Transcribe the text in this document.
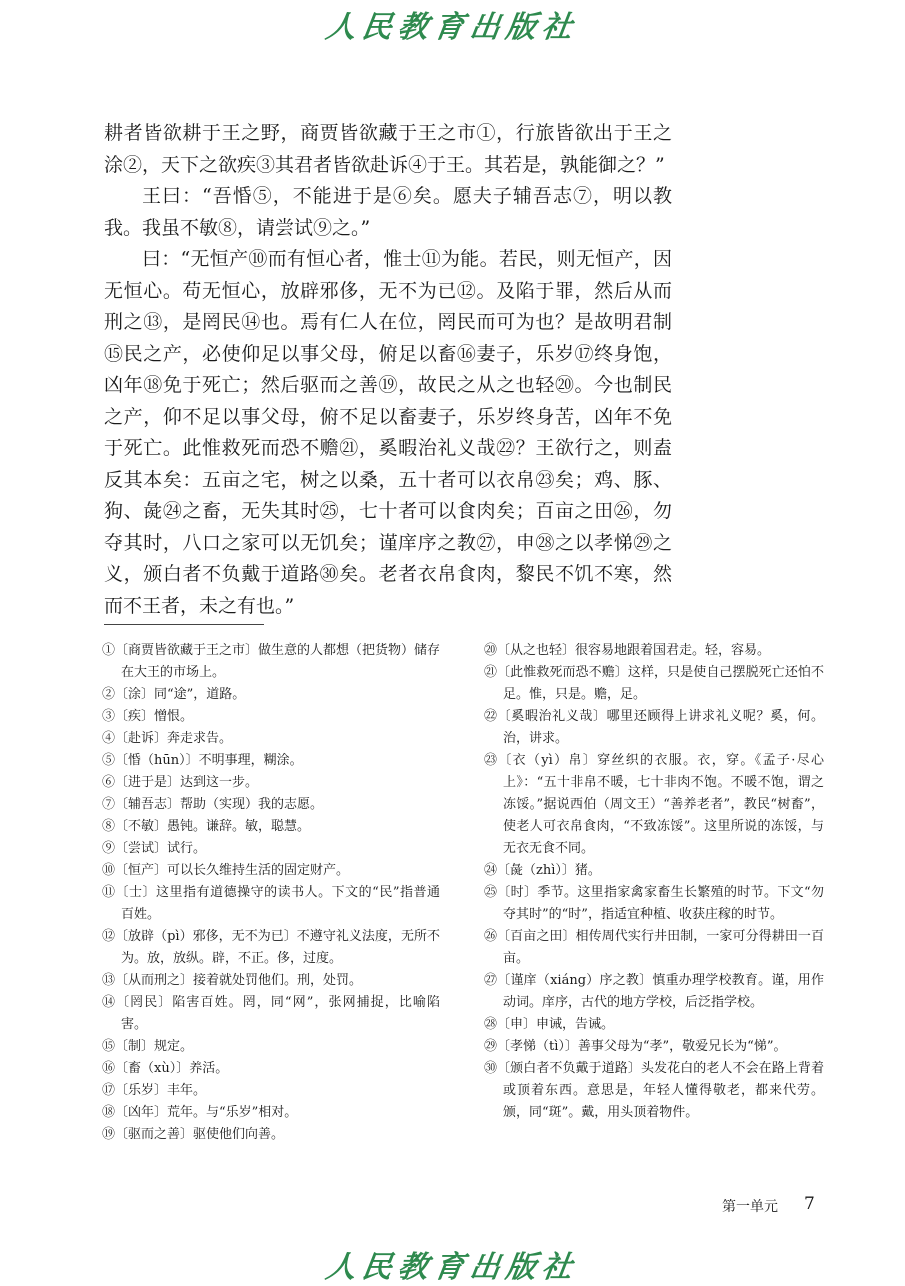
人民教育出版社

耕者皆欲耕于王之野，商贾皆欲藏于王之市①，行旅皆欲出于王之涂②，天下之欲疾③其君者皆欲赴诉④于王。其若是，孰能御之？”

王曰：“吾惛⑤，不能进于是⑥矣。愿夫子辅吾志⑦，明以教我。我虽不敏⑧，请尝试⑨之。”

曰：“无恒产⑩而有恒心者，惟士⑪为能。若民，则无恒产，因无恒心。苟无恒心，放辟邪侈，无不为已⑫。及陷于罪，然后从而刑之⑬，是罔民⑭也。焉有仁人在位，罔民而可为也？是故明君制⑮民之产，必使仰足以事父母，俯足以畜⑯妻子，乐岁⑰终身饱，凶年⑱免于死亡；然后驱而之善⑲，故民之从之也轻⑳。今也制民之产，仰不足以事父母，俯不足以畜妻子，乐岁终身苦，凶年不免于死亡。此惟救死而恐不赡㉑，奚暇治礼义哉㉒？王欲行之，则盍反其本矣：五亩之宅，树之以桑，五十者可以衣帛㉓矣；鸡、豚、狗、彘㉔之畜，无失其时㉕，七十者可以食肉矣；百亩之田㉖，勿夺其时，八口之家可以无饥矣；谨庠序之教㉗，申㉘之以孝悌㉙之义，颁白者不负戴于道路㉚矣。老者衣帛食肉，黎民不饥不寒，然而不王者，未之有也。”

①〔商贾皆欲藏于王之市〕做生意的人都想（把货物）储存在大王的市场上。
②〔涂〕同“途”，道路。
③〔疾〕憎恨。
④〔赴诉〕奔走求告。
⑤〔惛（hūn）〕不明事理，糊涂。
⑥〔进于是〕达到这一步。
⑦〔辅吾志〕帮助（实现）我的志愿。
⑧〔不敏〕愚钝。谦辞。敏，聪慧。
⑨〔尝试〕试行。
⑩〔恒产〕可以长久维持生活的固定财产。
⑪〔士〕这里指有道德操守的读书人。下文的“民”指普通百姓。
⑫〔放辟（pì）邪侈，无不为已〕不遵守礼义法度，无所不为。放，放纵。辟，不正。侈，过度。
⑬〔从而刑之〕接着就处罚他们。刑，处罚。
⑭〔罔民〕陷害百姓。罔，同“网”，张网捕捉，比喻陷害。
⑮〔制〕规定。
⑯〔畜（xù）〕养活。
⑰〔乐岁〕丰年。
⑱〔凶年〕荒年。与“乐岁”相对。
⑲〔驱而之善〕驱使他们向善。
⑳〔从之也轻〕很容易地跟着国君走。轻，容易。
㉑〔此惟救死而恐不赡〕这样，只是使自己摆脱死亡还怕不足。惟，只是。赡，足。
㉒〔奚暇治礼义哉〕哪里还顾得上讲求礼义呢？奚，何。治，讲求。
㉓〔衣（yì）帛〕穿丝织的衣服。衣，穿。《孟子·尽心上》：“五十非帛不暖，七十非肉不饱。不暖不饱，谓之冻馁。”据说西伯（周文王）“善养老者”，教民“树畜”，使老人可衣帛食肉，“不致冻馁”。这里所说的冻馁，与无衣无食不同。
㉔〔彘（zhì）〕猪。
㉕〔时〕季节。这里指家禽家畜生长繁殖的时节。下文“勿夺其时”的“时”，指适宜种植、收获庄稼的时节。
㉖〔百亩之田〕相传周代实行井田制，一家可分得耕田一百亩。
㉗〔谨庠（xiáng）序之教〕慎重办理学校教育。谨，用作动词。庠序，古代的地方学校，后泛指学校。
㉘〔申〕申诫，告诫。
㉙〔孝悌（tì）〕善事父母为“孝”，敬爱兄长为“悌”。
㉚〔颁白者不负戴于道路〕头发花白的老人不会在路上背着或顶着东西。意思是，年轻人懂得敬老，都来代劳。颁，同“斑”。戴，用头顶着物件。
第一单元 7
人民教育出版社
